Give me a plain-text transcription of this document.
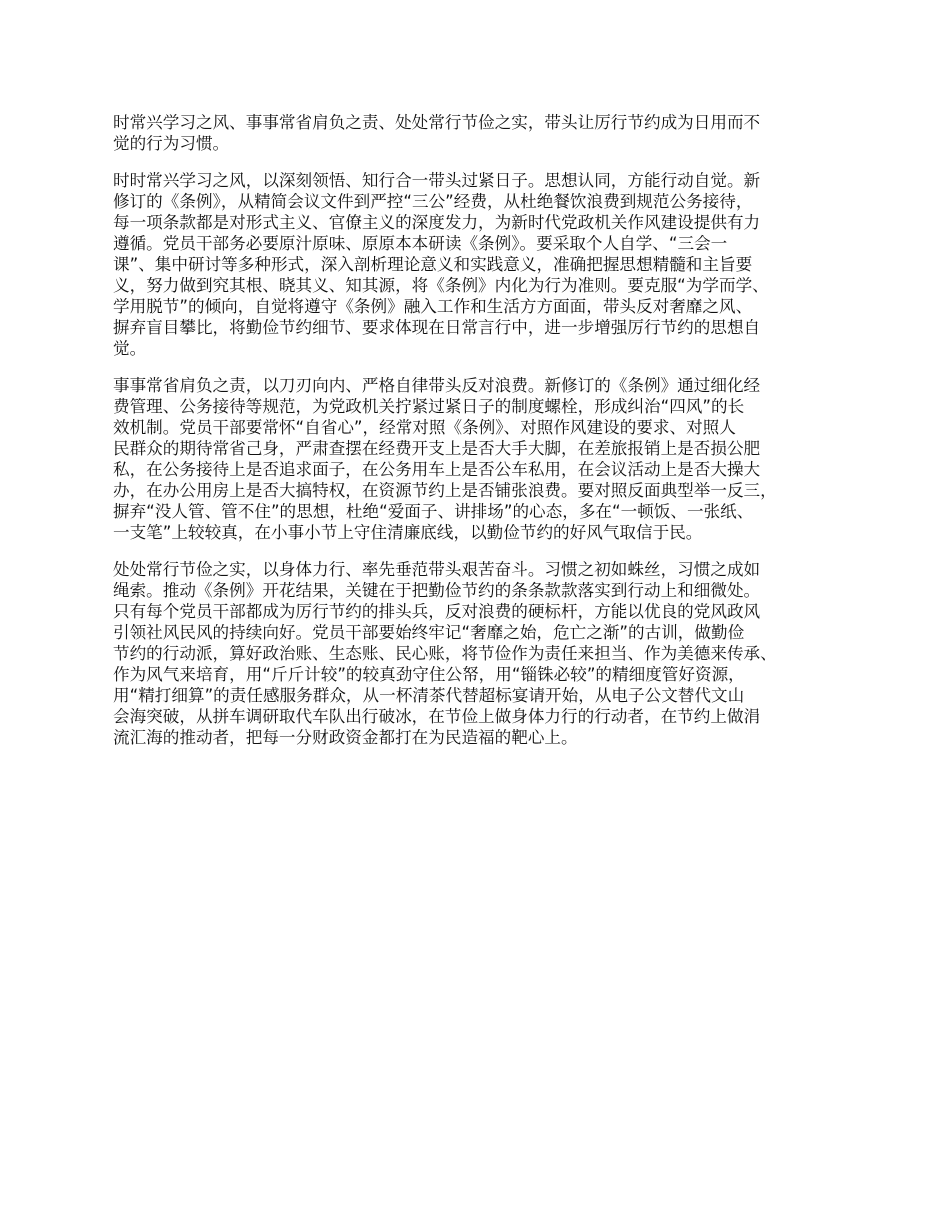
时常兴学习之风、事事常省肩负之责、处处常行节俭之实，带头让厉行节约成为日用而不
觉的行为习惯。

时时常兴学习之风，以深刻领悟、知行合一带头过紧日子。思想认同，方能行动自觉。新
修订的《条例》，从精简会议文件到严控“三公”经费，从杜绝餐饮浪费到规范公务接待，
每一项条款都是对形式主义、官僚主义的深度发力，为新时代党政机关作风建设提供有力
遵循。党员干部务必要原汁原味、原原本本研读《条例》。要采取个人自学、“三会一
课”、集中研讨等多种形式，深入剖析理论意义和实践意义，准确把握思想精髓和主旨要
义，努力做到究其根、晓其义、知其源，将《条例》内化为行为准则。要克服“为学而学、
学用脱节”的倾向，自觉将遵守《条例》融入工作和生活方方面面，带头反对奢靡之风、
摒弃盲目攀比，将勤俭节约细节、要求体现在日常言行中，进一步增强厉行节约的思想自
觉。

事事常省肩负之责，以刀刃向内、严格自律带头反对浪费。新修订的《条例》通过细化经
费管理、公务接待等规范，为党政机关拧紧过紧日子的制度螺栓，形成纠治“四风”的长
效机制。党员干部要常怀“自省心”，经常对照《条例》、对照作风建设的要求、对照人
民群众的期待常省己身，严肃查摆在经费开支上是否大手大脚，在差旅报销上是否损公肥
私，在公务接待上是否追求面子，在公务用车上是否公车私用，在会议活动上是否大操大
办，在办公用房上是否大搞特权，在资源节约上是否铺张浪费。要对照反面典型举一反三，
摒弃“没人管、管不住”的思想，杜绝“爱面子、讲排场”的心态，多在“一顿饭、一张纸、
一支笔”上较较真，在小事小节上守住清廉底线，以勤俭节约的好风气取信于民。

处处常行节俭之实，以身体力行、率先垂范带头艰苦奋斗。习惯之初如蛛丝，习惯之成如
绳索。推动《条例》开花结果，关键在于把勤俭节约的条条款款落实到行动上和细微处。
只有每个党员干部都成为厉行节约的排头兵，反对浪费的硬标杆，方能以优良的党风政风
引领社风民风的持续向好。党员干部要始终牢记“奢靡之始，危亡之渐”的古训，做勤俭
节约的行动派，算好政治账、生态账、民心账，将节俭作为责任来担当、作为美德来传承、
作为风气来培育，用“斤斤计较”的较真劲守住公帑，用“锱铢必较”的精细度管好资源，
用“精打细算”的责任感服务群众，从一杯清茶代替超标宴请开始，从电子公文替代文山
会海突破，从拼车调研取代车队出行破冰，在节俭上做身体力行的行动者，在节约上做涓
流汇海的推动者，把每一分财政资金都打在为民造福的靶心上。
